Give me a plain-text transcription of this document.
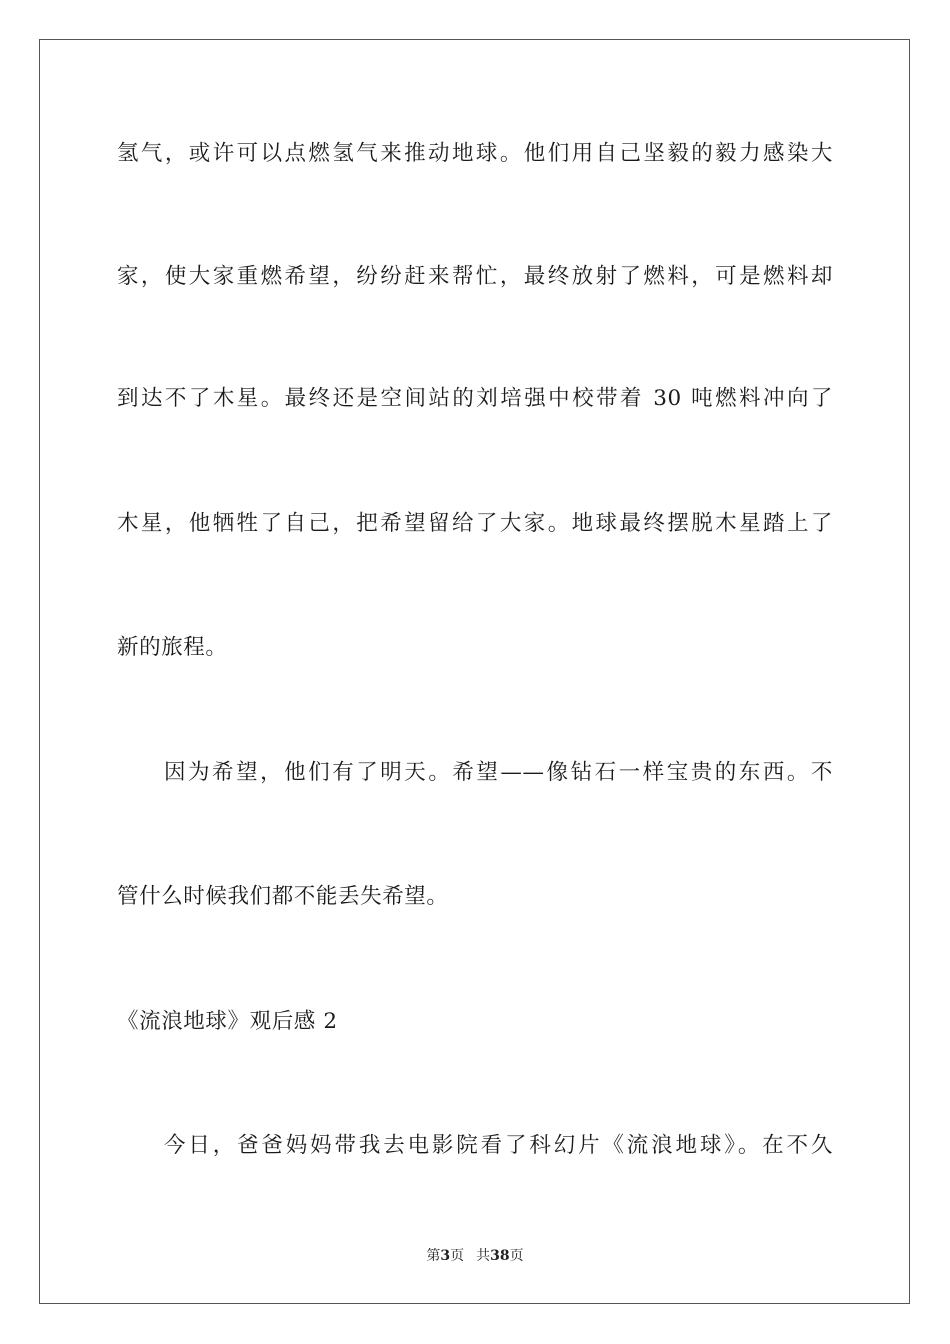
氢气，或许可以点燃氢气来推动地球。他们用自己坚毅的毅力感染大
家，使大家重燃希望，纷纷赶来帮忙，最终放射了燃料，可是燃料却
到达不了木星。最终还是空间站的刘培强中校带着 30 吨燃料冲向了
木星，他牺牲了自己，把希望留给了大家。地球最终摆脱木星踏上了
新的旅程。
因为希望，他们有了明天。希望——像钻石一样宝贵的东西。不
管什么时候我们都不能丢失希望。
《流浪地球》观后感 2
今日，爸爸妈妈带我去电影院看了科幻片《流浪地球》。在不久
第3页 共38页
